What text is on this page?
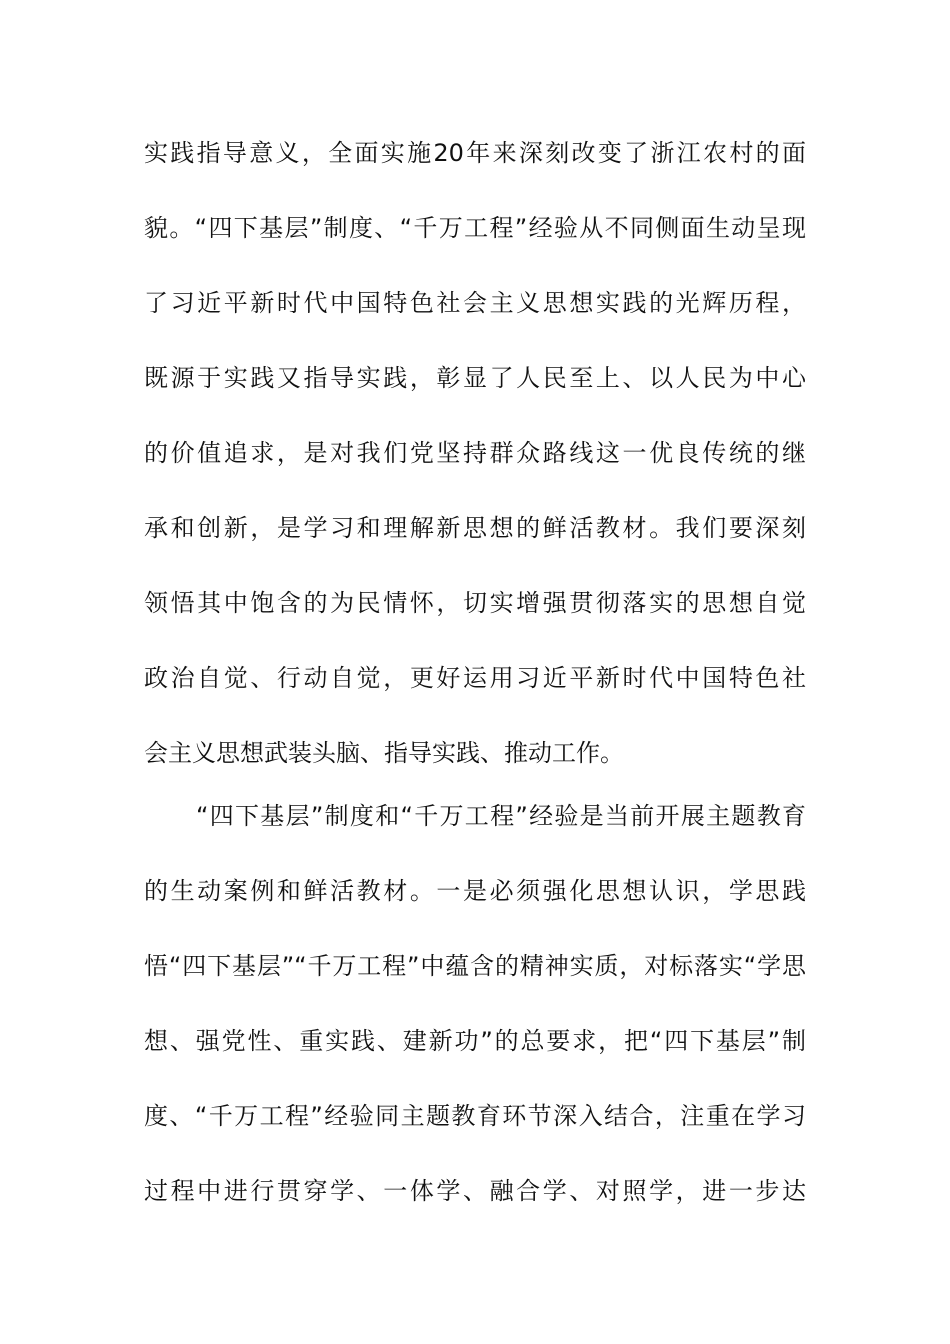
实践指导意义，全面实施20年来深刻改变了浙江农村的面
貌。“四下基层”制度、“千万工程”经验从不同侧面生动呈现
了习近平新时代中国特色社会主义思想实践的光辉历程，
既源于实践又指导实践，彰显了人民至上、以人民为中心
的价值追求，是对我们党坚持群众路线这一优良传统的继
承和创新，是学习和理解新思想的鲜活教材。我们要深刻
领悟其中饱含的为民情怀，切实增强贯彻落实的思想自觉
政治自觉、行动自觉，更好运用习近平新时代中国特色社
会主义思想武装头脑、指导实践、推动工作。
“四下基层”制度和“千万工程”经验是当前开展主题教育
的生动案例和鲜活教材。一是必须强化思想认识，学思践
悟“四下基层”“千万工程”中蕴含的精神实质，对标落实“学思
想、强党性、重实践、建新功”的总要求，把“四下基层”制
度、“千万工程”经验同主题教育环节深入结合，注重在学习
过程中进行贯穿学、一体学、融合学、对照学，进一步达
